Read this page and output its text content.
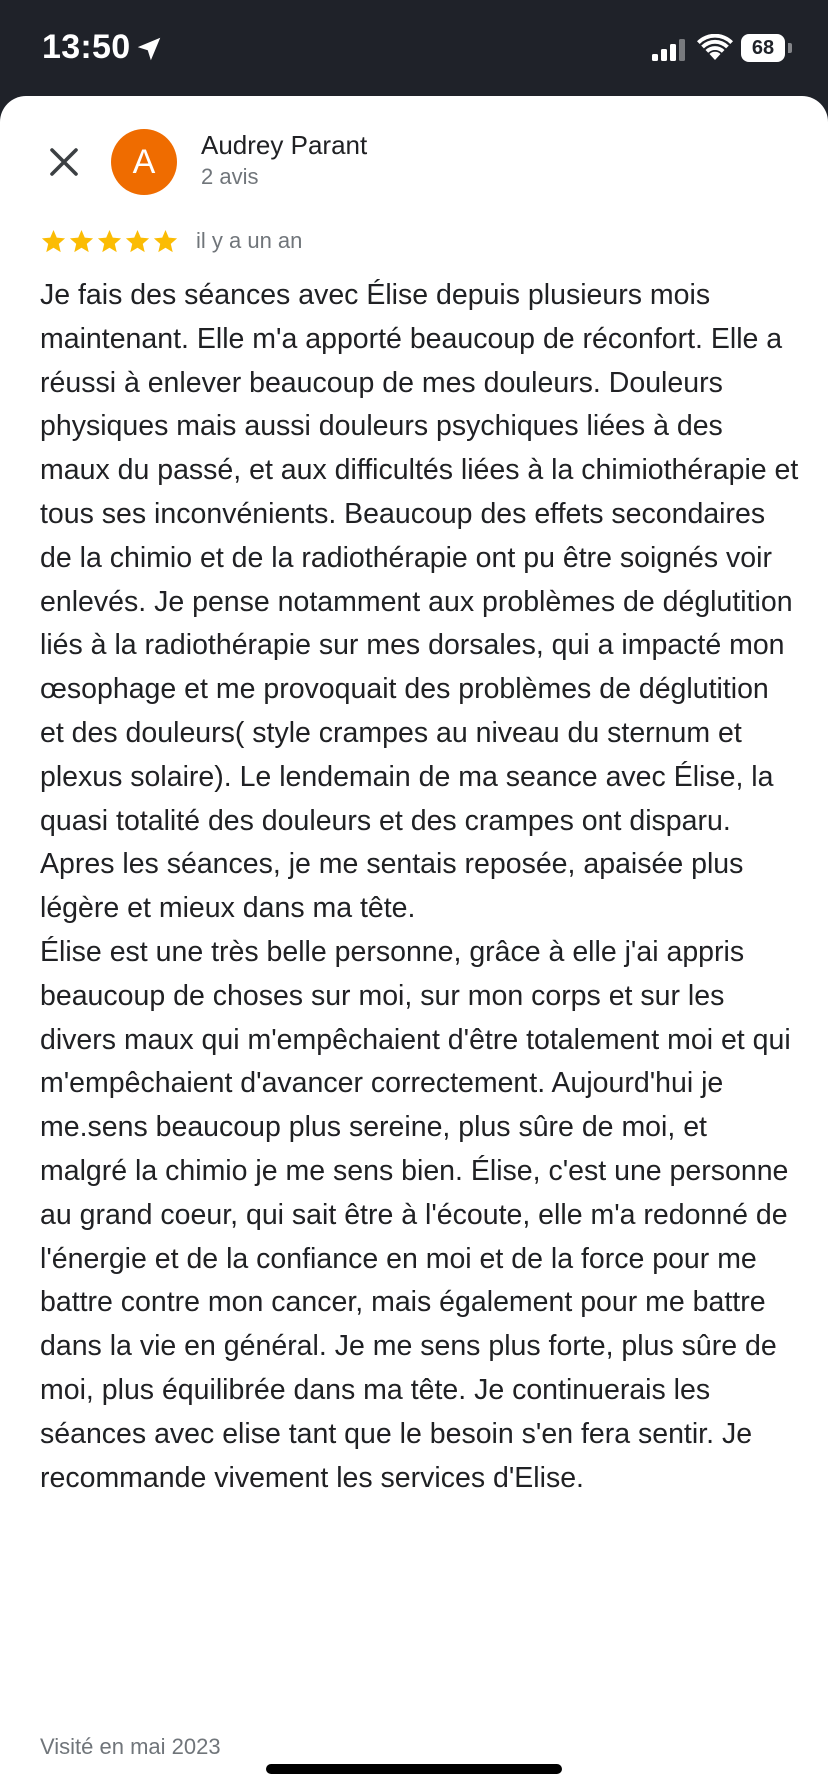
13:50	68
A	Audrey Parant
2 avis
il y a un an
Je fais des séances avec Élise depuis plusieurs mois maintenant. Elle m'a apporté beaucoup de réconfort. Elle a réussi à enlever beaucoup de mes douleurs. Douleurs physiques mais aussi douleurs psychiques liées à des maux du passé, et aux difficultés liées à la chimiothérapie et tous ses inconvénients. Beaucoup des effets secondaires de la chimio et de la radiothérapie ont pu être soignés voir enlevés. Je pense notamment aux problèmes de déglutition liés à la radiothérapie sur mes dorsales, qui a impacté mon œsophage et me provoquait des problèmes de déglutition et des douleurs( style crampes au niveau du sternum et plexus solaire). Le lendemain de ma seance avec Élise, la quasi totalité des douleurs et des crampes ont disparu. Apres les séances, je me sentais reposée, apaisée plus légère et mieux dans ma tête.
Élise est une très belle personne, grâce à elle j'ai appris beaucoup de choses sur moi, sur mon corps et sur les divers maux qui m'empêchaient d'être totalement moi et qui m'empêchaient d'avancer correctement. Aujourd'hui je me.sens beaucoup plus sereine, plus sûre de moi, et malgré la chimio je me sens bien. Élise, c'est une personne au grand coeur, qui sait être à l'écoute, elle m'a redonné de l'énergie et de la confiance en moi et de la force pour me battre contre mon cancer, mais également pour me battre dans la vie en général. Je me sens plus forte, plus sûre de moi, plus équilibrée dans ma tête. Je continuerais les séances avec elise tant que le besoin s'en fera sentir. Je recommande vivement les services d'Elise.
Visité en mai 2023
